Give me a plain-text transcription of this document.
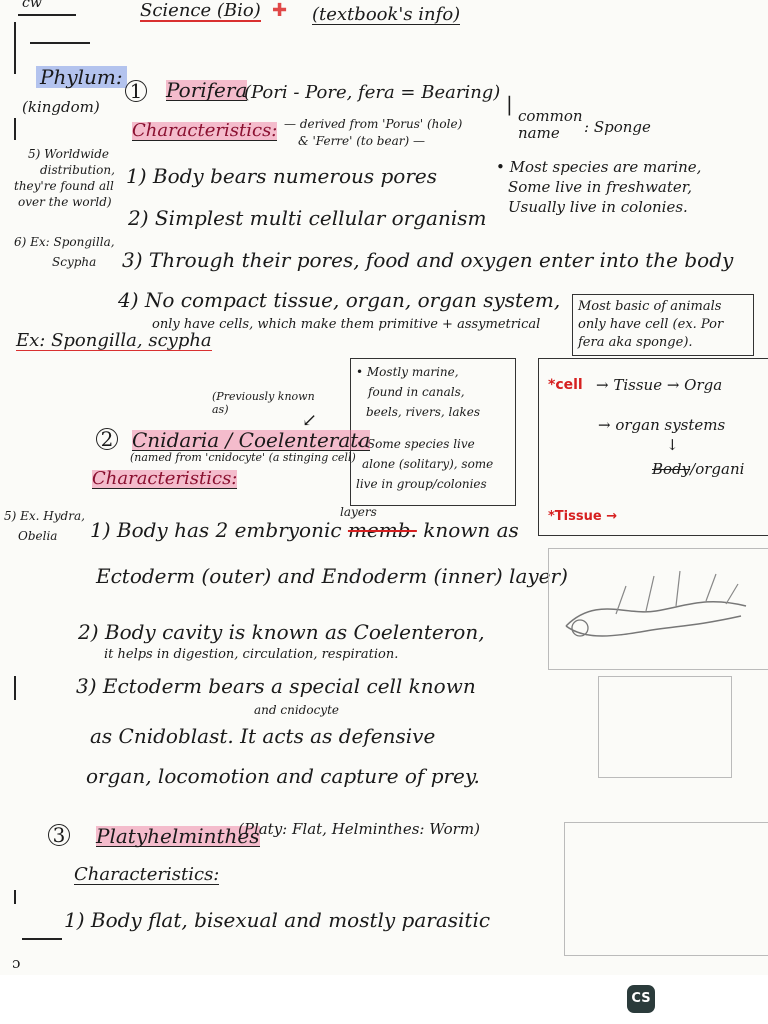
cw	Science (Bio) ✚ (textbook's info)
Phylum:
(kingdom)
1 Porifera
(Pori - Pore, fera = Bearing) | common name	: Sponge
— derived from 'Porus' (hole)
& 'Ferre' (to bear) —
Characteristics:
5) Worldwide
distribution,
they're found all
over the world)
6) Ex: Spongilla,
Scypha
• Most species are marine,
Some live in freshwater,
Usually live in colonies.
1) Body bears numerous pores
2) Simplest multi cellular organism
3) Through their pores, food and oxygen enter into the body
4) No compact tissue, organ, organ system,
only have cells, which make them primitive + assymetrical
Most basic of animals
only have cell (ex. Por
fera aka sponge).
Ex: Spongilla, scypha
• Mostly marine,
found in canals,
beels, rivers, lakes
• Some species live
alone (solitary), some
live in group/colonies
(Previously known as)
↙
2 Cnidaria / Coelenterata
(named from 'cnidocyte' (a stinging cell)
Characteristics:
5) Ex. Hydra,
Obelia
layers
1) Body has 2 embryonic memb. known as
Ectoderm (outer) and Endoderm (inner) layer)
2) Body cavity is known as Coelenteron,
it helps in digestion, circulation, respiration.
3) Ectoderm bears a special cell known
and cnidocyte
as Cnidoblast. It acts as defensive
organ, locomotion and capture of prey.
3 Platyhelminthes
(Platy: Flat, Helminthes: Worm)
Characteristics:
1) Body flat, bisexual and mostly parasitic
ɔ
*cell → Tissue → Orga
→ organ systems
↓
Body/organi
*Tissue →
CS
